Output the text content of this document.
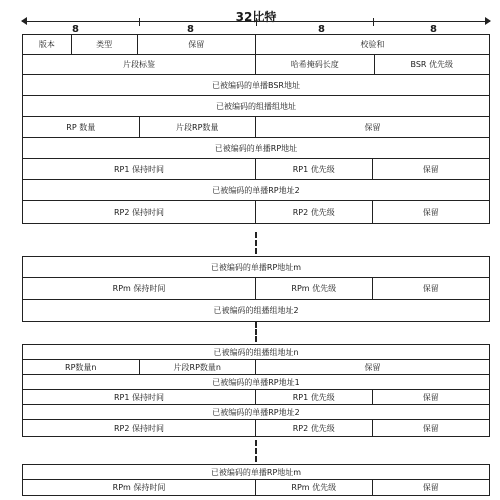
32比特
8	8	8	8
版本	类型	保留	校验和
片段标鉴	哈希掩码长度	BSR 优先级
已被编码的单播BSR地址
已被编码的组播组地址
RP 数量	片段RP数量	保留
已被编码的单播RP地址
RP1 保持时间	RP1 优先级	保留
已被编码的单播RP地址2
RP2 保持时间	RP2 优先级	保留
已被编码的单播RP地址m
RPm 保持时间	RPm 优先级	保留
已被编码的组播组地址2
已被编码的组播组地址n
RP数量n	片段RP数量n	保留
已被编码的单播RP地址1
RP1 保持时间	RP1 优先级	保留
已被编码的单播RP地址2
RP2 保持时间	RP2 优先级	保留
已被编码的单播RP地址m
RPm 保持时间	RPm 优先级	保留
